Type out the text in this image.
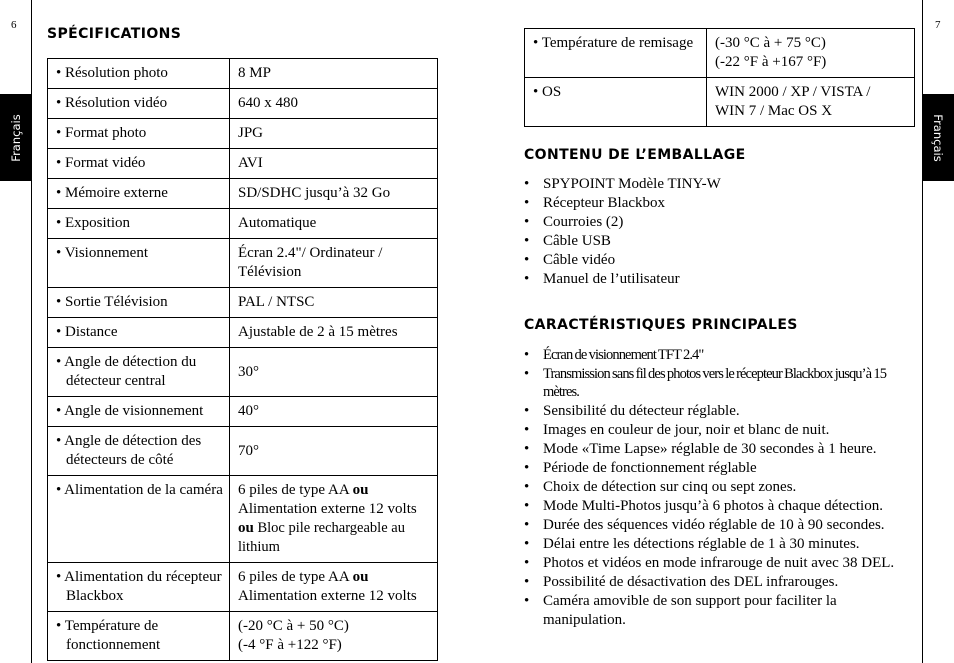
6	7
Français	Français
SPÉCIFICATIONS
• Résolution photo	8 MP

• Résolution vidéo	640 x 480

• Format photo	JPG

• Format vidéo	AVI

• Mémoire externe	SD/SDHC jusqu’à 32 Go

• Exposition	Automatique

• Visionnement	Écran 2.4"/ Ordinateur / Télévision

• Sortie Télévision	PAL / NTSC

• Distance	Ajustable de 2 à 15 mètres

• Angle de détection du détecteur central	30°

• Angle de visionnement	40°

• Angle de détection des détecteurs de côté	70°

• Alimentation de la caméra	6 piles de type AA ou
Alimentation externe 12 volts
ou Bloc pile rechargeable au lithium

• Alimentation du récepteur Blackbox	6 piles de type AA ou
Alimentation externe 12 volts

• Température de fonctionnement	(-20 °C à + 50 °C)
(-4 °F à +122 °F)
• Température de remisage	(-30 °C à + 75 °C)
(-22 °F à +167 °F)

• OS	WIN 2000 / XP / VISTA /
WIN 7 / Mac OS X
CONTENU DE L’EMBALLAGE
• SPYPOINT Modèle TINY-W
• Récepteur Blackbox
• Courroies (2)
• Câble USB
• Câble vidéo
• Manuel de l’utilisateur
CARACTÉRISTIQUES PRINCIPALES
• Écran de visionnement TFT 2.4"
• Transmission sans fil des photos vers le récepteur Blackbox jusqu’à 15 mètres.
• Sensibilité du détecteur réglable.
• Images en couleur de jour, noir et blanc de nuit.
• Mode «Time Lapse» réglable de 30 secondes à 1 heure.
• Période de fonctionnement réglable
• Choix de détection sur cinq ou sept zones.
• Mode Multi-Photos jusqu’à 6 photos à chaque détection.
• Durée des séquences vidéo réglable de 10 à 90 secondes.
• Délai entre les détections réglable de 1 à 30 minutes.
• Photos et vidéos en mode infrarouge de nuit avec 38 DEL.
• Possibilité de désactivation des DEL infrarouges.
• Caméra amovible de son support pour faciliter la manipulation.
